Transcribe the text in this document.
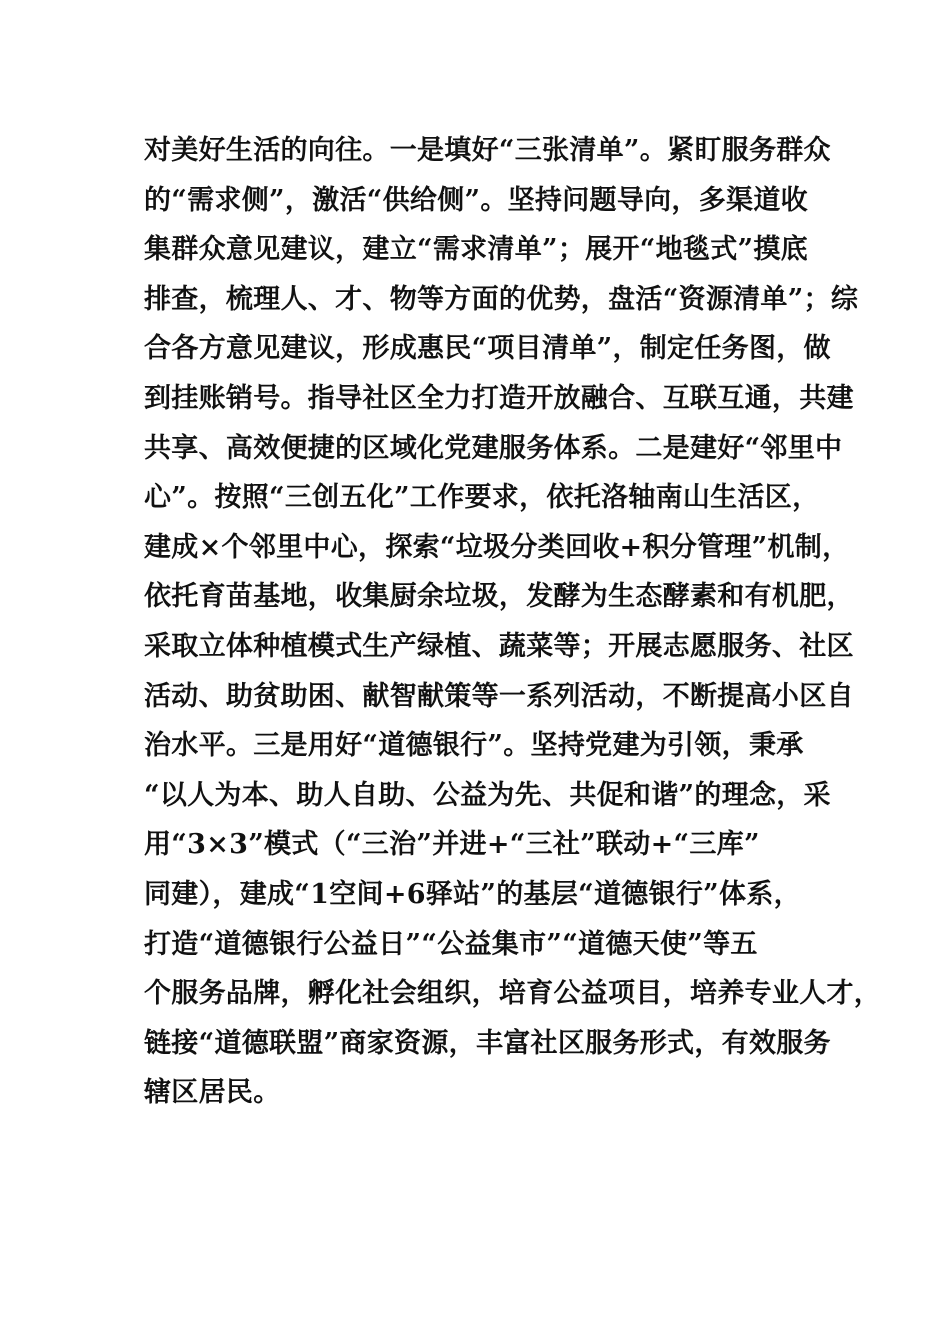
对美好生活的向往。一是填好“三张清单”。紧盯服务群众
的“需求侧”，激活“供给侧”。坚持问题导向，多渠道收
集群众意见建议，建立“需求清单”；展开“地毯式”摸底
排查，梳理人、才、物等方面的优势，盘活“资源清单”；综
合各方意见建议，形成惠民“项目清单”，制定任务图，做
到挂账销号。指导社区全力打造开放融合、互联互通，共建
共享、高效便捷的区域化党建服务体系。二是建好“邻里中
心”。按照“三创五化”工作要求，依托洛轴南山生活区，
建成×个邻里中心，探索“垃圾分类回收+积分管理”机制，
依托育苗基地，收集厨余垃圾，发酵为生态酵素和有机肥，
采取立体种植模式生产绿植、蔬菜等；开展志愿服务、社区
活动、助贫助困、献智献策等一系列活动，不断提高小区自
治水平。三是用好“道德银行”。坚持党建为引领，秉承
“以人为本、助人自助、公益为先、共促和谐”的理念，采
用“3×3”模式（“三治”并进+“三社”联动+“三库”
同建），建成“1空间+6驿站”的基层“道德银行”体系，
打造“道德银行公益日”“公益集市”“道德天使”等五
个服务品牌，孵化社会组织，培育公益项目，培养专业人才，
链接“道德联盟”商家资源，丰富社区服务形式，有效服务
辖区居民。
